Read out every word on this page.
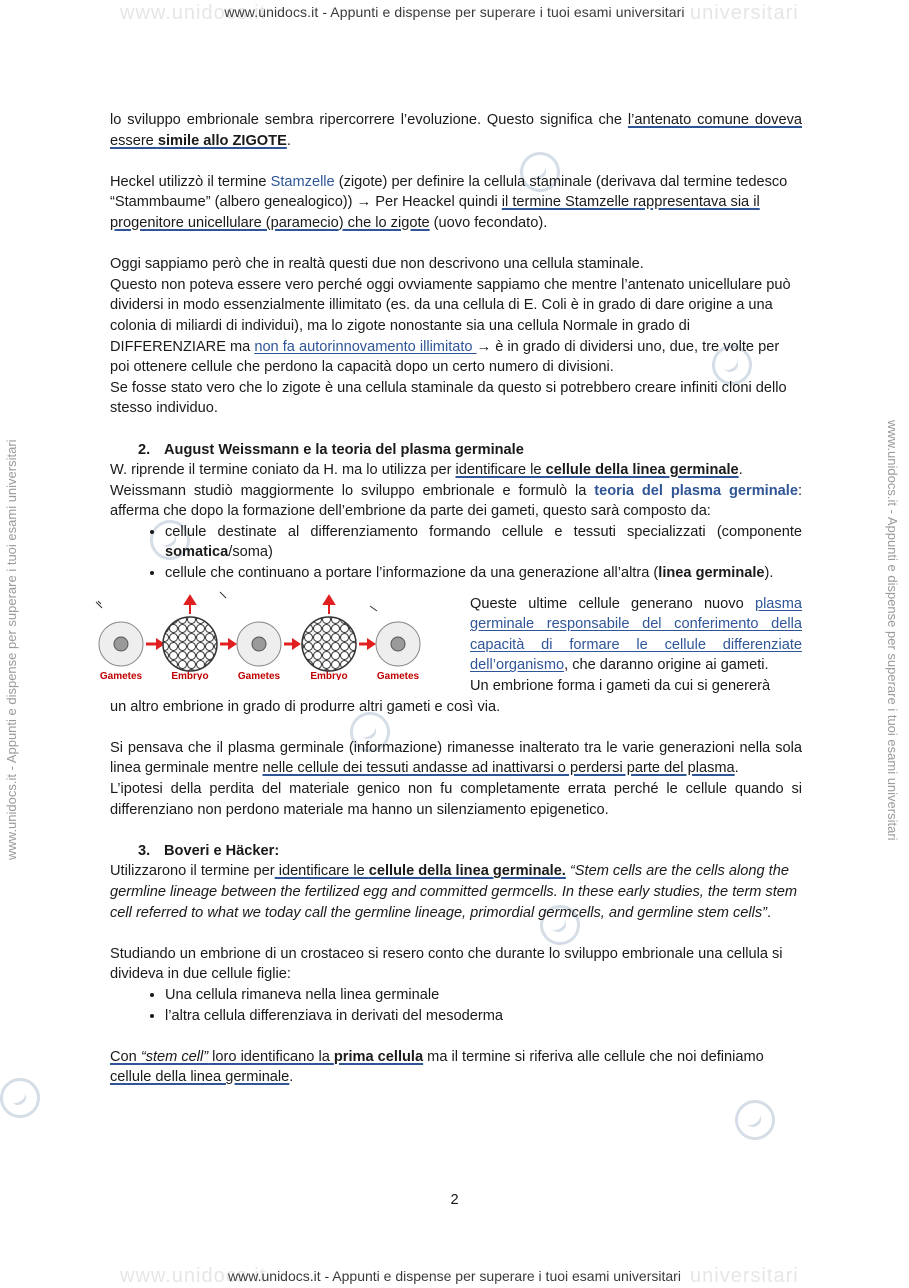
www.unidocs.it	universitari
www.unidocs.it - Appunti e dispense per superare i tuoi esami universitari
www.unidocs.it - Appunti e dispense per superare i tuoi esami universitari	www.unidocs.it - Appunti e dispense per superare i tuoi esami universitari

lo sviluppo embrionale sembra ripercorrere l’evoluzione. Questo significa che l’antenato comune doveva essere simile allo ZIGOTE.

Heckel utilizzò il termine Stamzelle (zigote) per definire la cellula staminale (derivava dal termine tedesco “Stammbaume” (albero genealogico)) → Per Heackel quindi il termine Stamzelle rappresentava sia il progenitore unicellulare (paramecio) che lo zigote (uovo fecondato).

Oggi sappiamo però che in realtà questi due non descrivono una cellula staminale.
Questo non poteva essere vero perché oggi ovviamente sappiamo che mentre l’antenato unicellulare può dividersi in modo essenzialmente illimitato (es. da una cellula di E. Coli è in grado di dare origine a una colonia di miliardi di individui), ma lo zigote nonostante sia una cellula Normale in grado di DIFFERENZIARE ma non fa autorinnovamento illimitato → è in grado di dividersi uno, due, tre volte per poi ottenere cellule che perdono la capacità dopo un certo numero di divisioni.
Se fosse stato vero che lo zigote è una cellula staminale da questo si potrebbero creare infiniti cloni dello stesso individuo.

2. August Weissmann e la teoria del plasma germinale

W. riprende il termine coniato da H. ma lo utilizza per identificare le cellule della linea germinale.
Weissmann studiò maggiormente lo sviluppo embrionale e formulò la teoria del plasma germinale: afferma che dopo la formazione dell’embrione da parte dei gameti, questo sarà composto da:

• cellule destinate al differenziamento formando cellule e tessuti specializzati (componente somatica/soma)
• cellule che continuano a portare l’informazione da una generazione all’altra (linea germinale).
Gametes	Embryo	Gametes	Embryo	Gametes
Queste ultime cellule generano nuovo plasma germinale responsabile del conferimento della capacità di formare le cellule differenziate dell’organismo, che daranno origine ai gameti.
Un embrione forma i gameti da cui si genererà

un altro embrione in grado di produrre altri gameti e così via.

Si pensava che il plasma germinale (informazione) rimanesse inalterato tra le varie generazioni nella sola linea germinale mentre nelle cellule dei tessuti andasse ad inattivarsi o perdersi parte del plasma.
L’ipotesi della perdita del materiale genico non fu completamente errata perché le cellule quando si differenziano non perdono materiale ma hanno un silenziamento epigenetico.

3. Boveri e Häcker:

Utilizzarono il termine per identificare le cellule della linea germinale. “Stem cells are the cells along the germline lineage between the fertilized egg and committed germcells. In these early studies, the term stem cell referred to what we today call the germline lineage, primordial germcells, and germline stem cells”.

Studiando un embrione di un crostaceo si resero conto che durante lo sviluppo embrionale una cellula si divideva in due cellule figlie:

• Una cellula rimaneva nella linea germinale
• l’altra cellula differenziava in derivati del mesoderma

Con “stem cell” loro identificano la prima cellula ma il termine si riferiva alle cellule che noi definiamo cellule della linea germinale.

2
www.unidocs.it	universitari
www.unidocs.it - Appunti e dispense per superare i tuoi esami universitari
